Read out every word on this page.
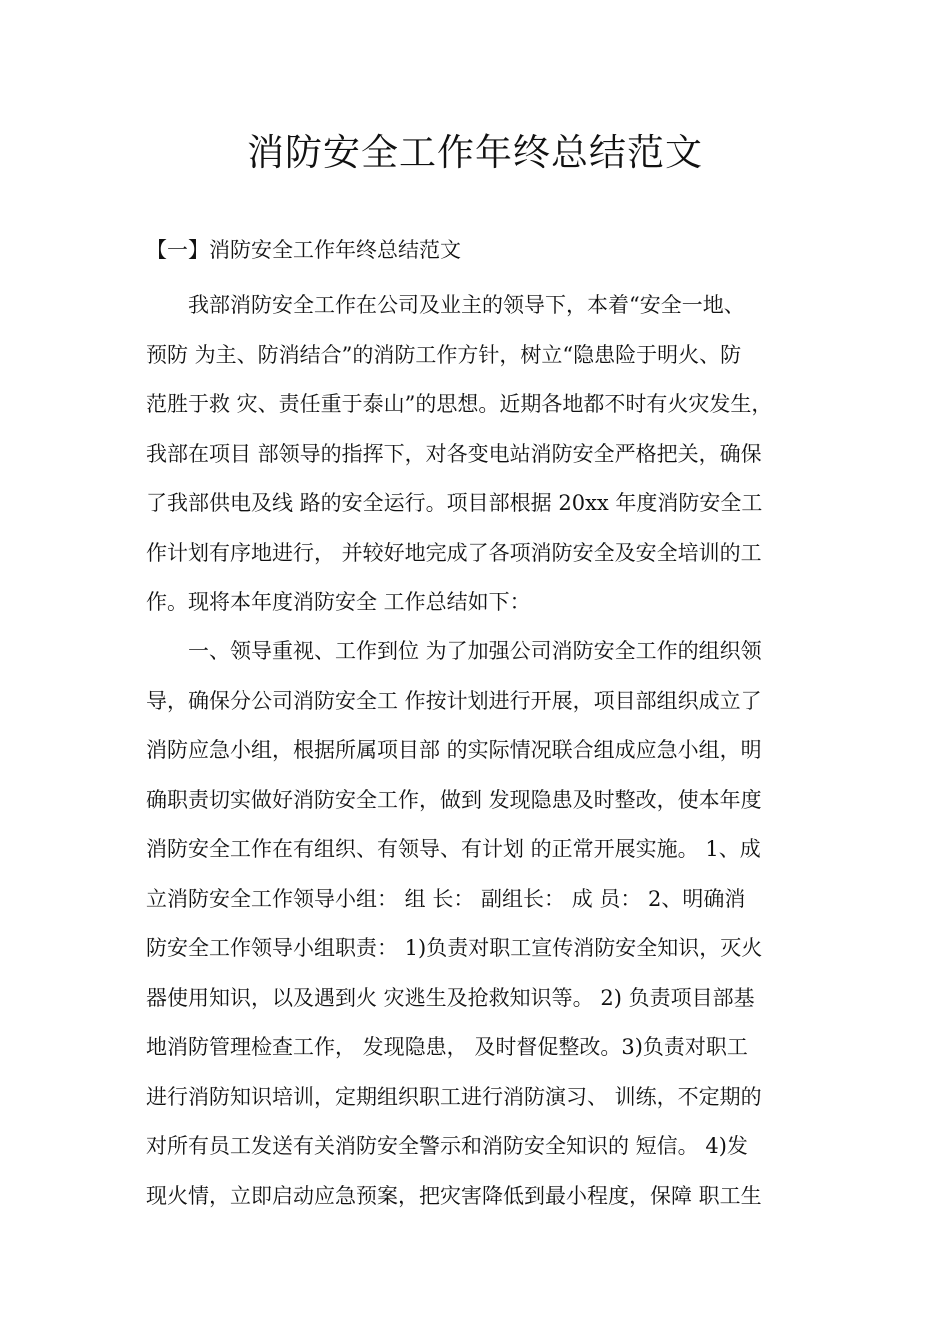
消防安全工作年终总结范文
【一】消防安全工作年终总结范文
我部消防安全工作在公司及业主的领导下，本着“安全一地、
预防 为主、防消结合”的消防工作方针，树立“隐患险于明火、防
范胜于救 灾、责任重于泰山”的思想。近期各地都不时有火灾发生，
我部在项目 部领导的指挥下，对各变电站消防安全严格把关，确保
了我部供电及线 路的安全运行。项目部根据 20xx 年度消防安全工
作计划有序地进行， 并较好地完成了各项消防安全及安全培训的工
作。现将本年度消防安全 工作总结如下：
一、领导重视、工作到位 为了加强公司消防安全工作的组织领
导，确保分公司消防安全工 作按计划进行开展，项目部组织成立了
消防应急小组，根据所属项目部 的实际情况联合组成应急小组，明
确职责切实做好消防安全工作，做到 发现隐患及时整改，使本年度
消防安全工作在有组织、有领导、有计划 的正常开展实施。 1、成
立消防安全工作领导小组： 组 长： 副组长： 成 员： 2、明确消
防安全工作领导小组职责： 1)负责对职工宣传消防安全知识，灭火
器使用知识，以及遇到火 灾逃生及抢救知识等。 2) 负责项目部基
地消防管理检查工作， 发现隐患， 及时督促整改。3)负责对职工
进行消防知识培训，定期组织职工进行消防演习、 训练，不定期的
对所有员工发送有关消防安全警示和消防安全知识的 短信。 4)发
现火情，立即启动应急预案，把灾害降低到最小程度，保障 职工生
